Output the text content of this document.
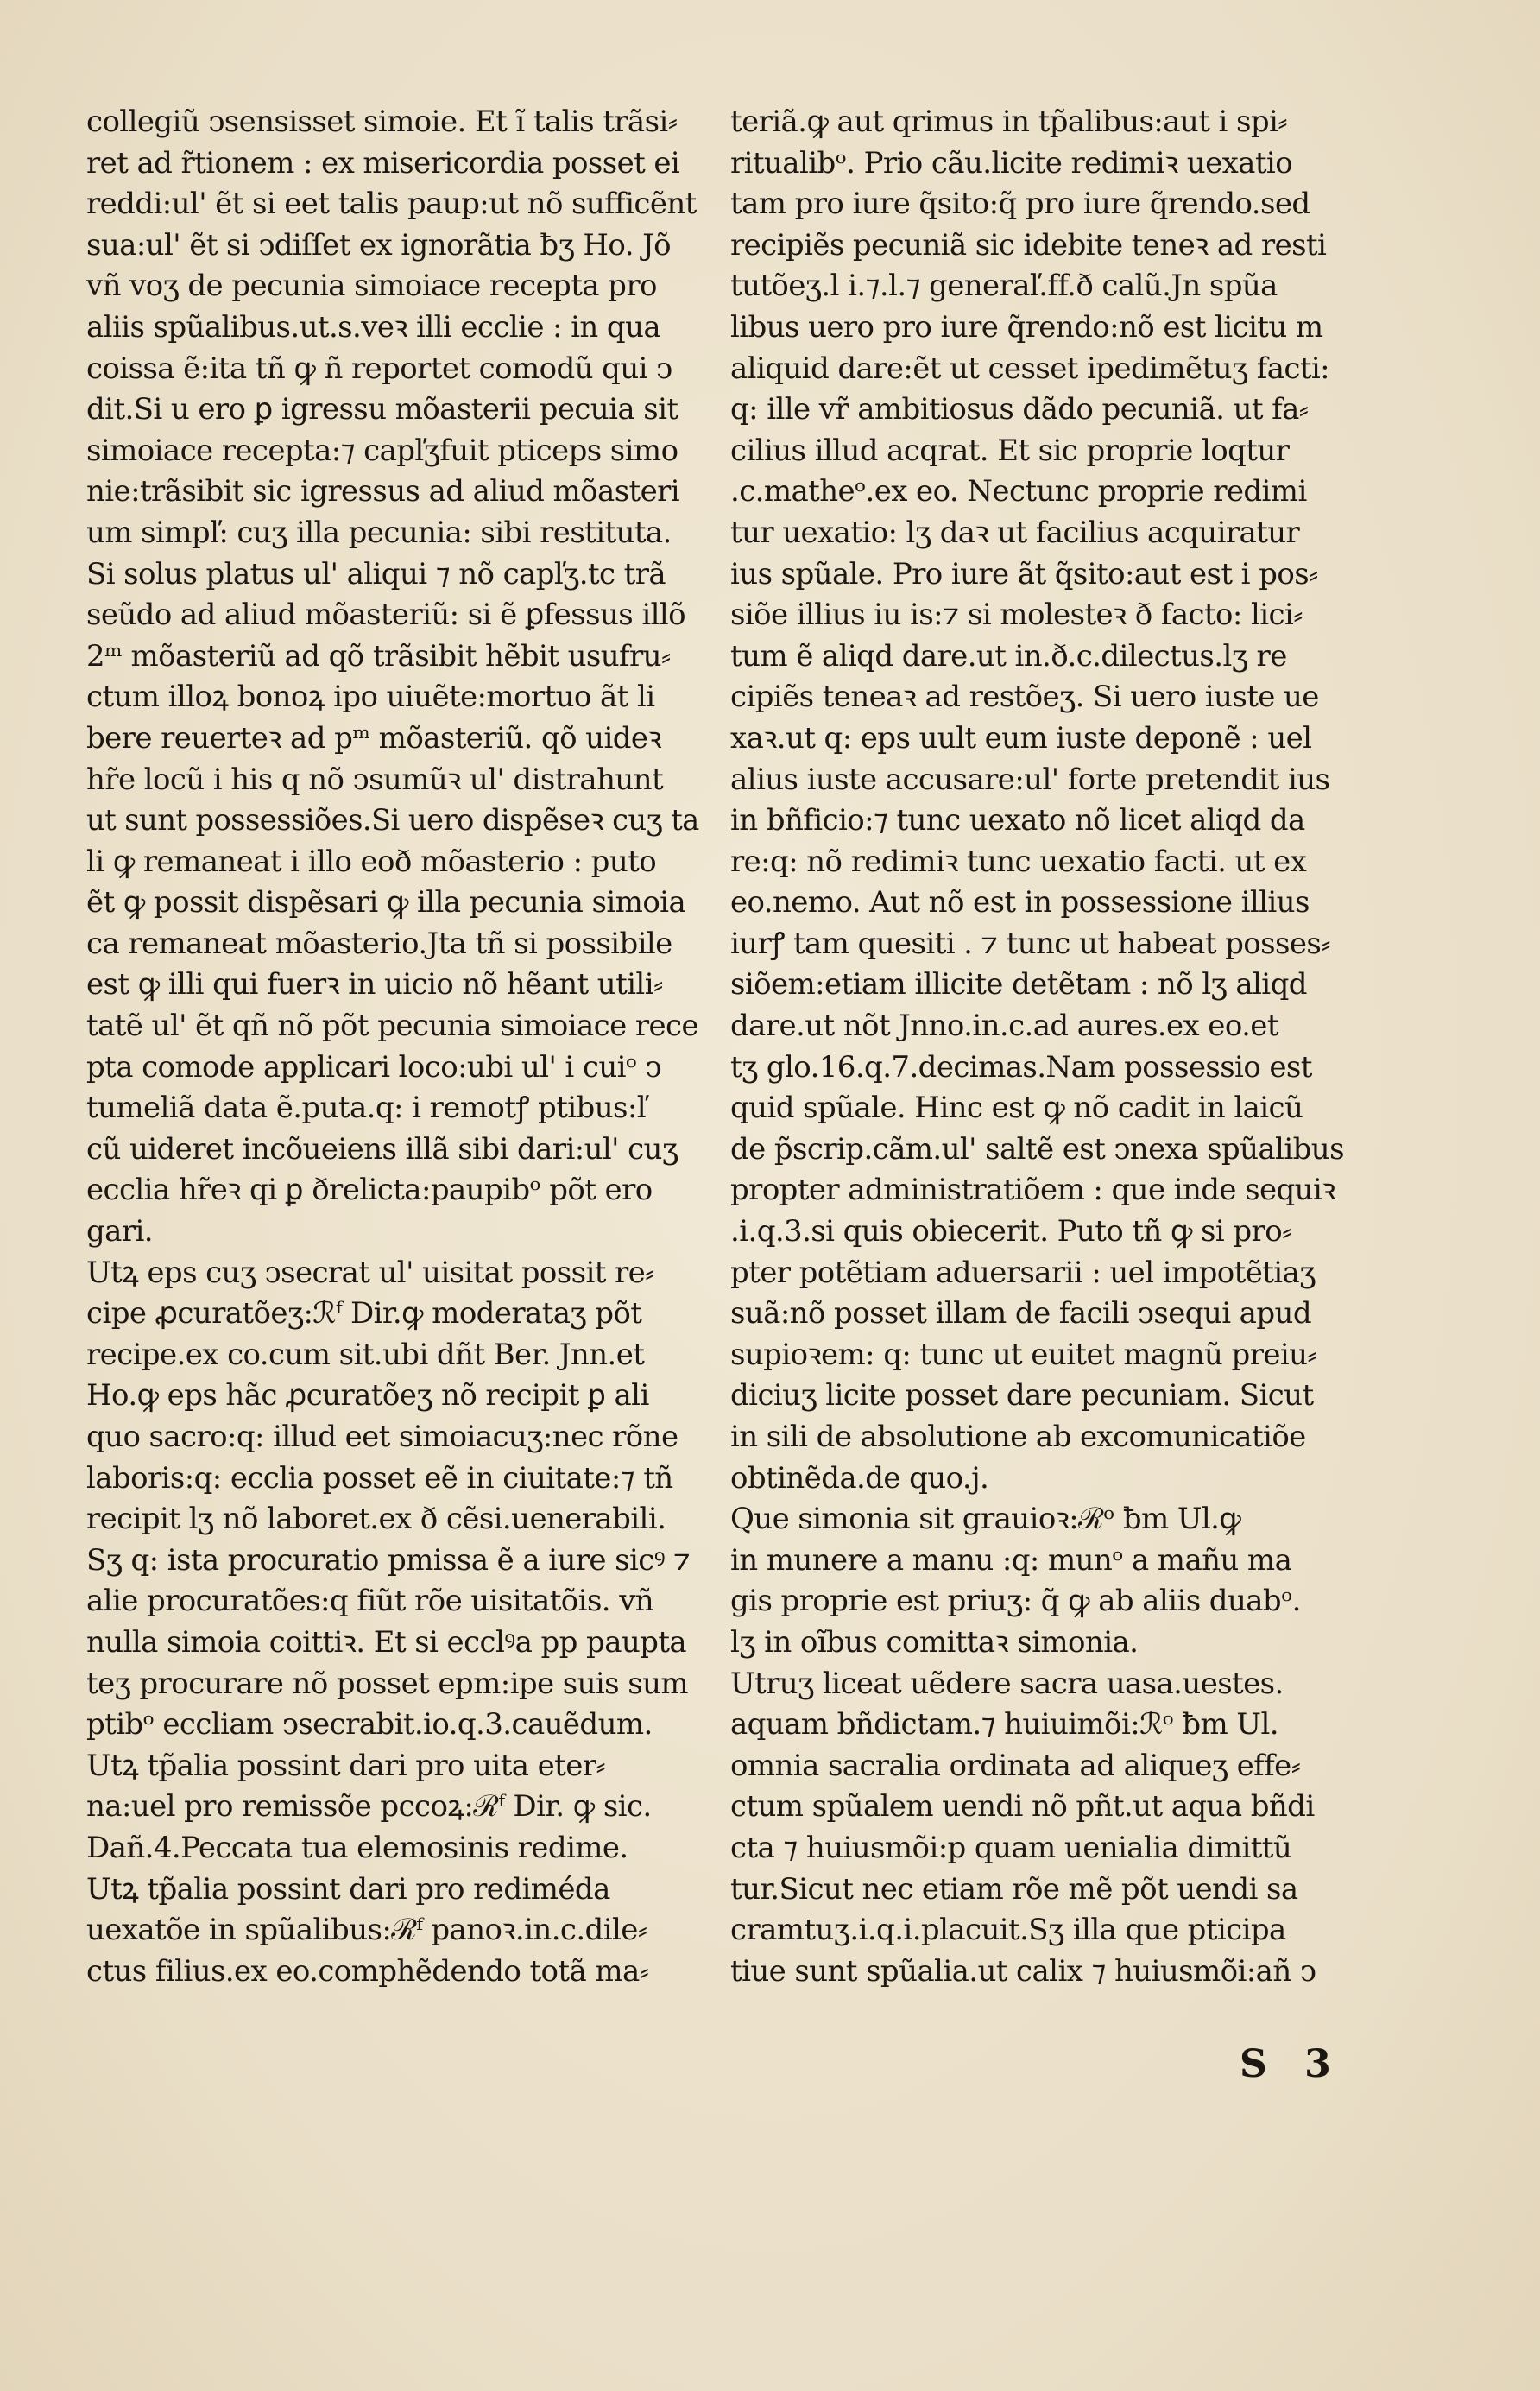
collegiũ ↄsensisset simoie. Et ĩ talis trãsi⸗
ret ad r̃tionem : ex misericordia posset ei
reddi:ul' ẽt si eet talis paup:ut nõ sufficẽnt
sua:ul' ẽt si ↄdiſſet ex ignorãtia ƀʒ Ho. Jõ
vñ voʒ de pecunia simoiace recepta pro
aliis spũalibus.ut.s.veꝛ illi ecclie : in qua
coissa ẽ:ita tñ ꝙ ñ reportet comodũ qui ↄ
dit.Si u ero ꝑ igressu mõasterii pecuia sit
simoiace recepta:⁊ capľʒfuit pticeps simo
nie:trãsibit sic igressus ad aliud mõasteri
um simpľ: cuʒ illa pecunia: sibi restituta.
Si solus platus ul' aliqui ⁊ nõ capľʒ.tc trã
seũdo ad aliud mõasteriũ: si ẽ ꝑfessus illõ
2ᵐ mõasteriũ ad qõ trãsibit hẽbit usufru⸗
ctum illoꝝ bonoꝝ ipo uiuẽte:mortuo ãt li
bere reuerteꝛ ad pᵐ mõasteriũ. qõ uideꝛ
hr̃e locũ i his q nõ ↄsumũꝛ ul' distrahunt
ut sunt possessiões.Si uero dispẽseꝛ cuʒ ta
li ꝙ remaneat i illo eoð mõasterio : puto
ẽt ꝙ possit dispẽsari ꝙ illa pecunia simoia
ca remaneat mõasterio.Jta tñ si possibile
est ꝙ illi qui fuerꝛ in uicio nõ hẽant utili⸗
tatẽ ul' ẽt qñ nõ põt pecunia simoiace rece
pta comode applicari loco:ubi ul' i cuiᵒ ↄ
tumeliã data ẽ.puta.q: i remotꝭ ptibus:ľ
cũ uideret incõueiens illã sibi dari:ul' cuʒ
ecclia hr̃eꝛ qi ꝑ ðrelicta:paupibᵒ põt ero
gari.
Utꝝ eps cuʒ ↄsecrat ul' uisitat possit re⸗
cipe ꝓcuratõeʒ:ℛᶠ Dir.ꝙ moderataʒ põt
recipe.ex co.cum sit.ubi dñt Ber. Jnn.et
Ho.ꝙ eps hãc ꝓcuratõeʒ nõ recipit ꝑ ali
quo sacro:q: illud eet simoiacuʒ:nec rõne
laboris:q: ecclia posset eẽ in ciuitate:⁊ tñ
recipit lʒ nõ laboret.ex ð cẽsi.uenerabili.
Sʒ q: ista procuratio pmissa ẽ a iure sicꝰ ⁊
alie procuratões:q fiũt rõe uisitatõis. vñ
nulla simoia coittiꝛ. Et si ecclꝰa pp paupta
teʒ procurare nõ posset epm:ipe suis sum
ptibᵒ eccliam ↄsecrabit.io.q.3.cauẽdum.
Utꝝ tp̃alia possint dari pro uita eter⸗
na:uel pro remissõe pccoꝝ:ℛᶠ Dir. ꝙ sic.
Dañ.4.Peccata tua elemosinis redime.
Utꝝ tp̃alia possint dari pro rediméda
uexatõe in spũalibus:ℛᶠ panoꝛ.in.c.dile⸗
ctus filius.ex eo.comphẽdendo totã ma⸗
teriã.ꝙ aut qrimus in tp̃alibus:aut i spi⸗
ritualibᵒ. Prio cãu.licite redimiꝛ uexatio
tam pro iure q̃sito:q̃ pro iure q̃rendo.sed
recipiẽs pecuniã sic idebite teneꝛ ad resti
tutõeʒ.l i.⁊.l.⁊ generaľ.ff.ð calũ.Jn spũa
libus uero pro iure q̃rendo:nõ est licitu m
aliquid dare:ẽt ut cesset ipedimẽtuʒ facti:
q: ille vr̃ ambitiosus dãdo pecuniã. ut fa⸗
cilius illud acqrat. Et sic proprie loqtur
.c.matheᵒ.ex eo. Nectunc proprie redimi
tur uexatio: lʒ daꝛ ut facilius acquiratur
ius spũale. Pro iure ãt q̃sito:aut est i pos⸗
siõe illius iu is:⁊ si molesteꝛ ð facto: lici⸗
tum ẽ aliqd dare.ut in.ð.c.dilectus.lʒ re
cipiẽs teneaꝛ ad restõeʒ. Si uero iuste ue
xaꝛ.ut q: eps uult eum iuste deponẽ : uel
alius iuste accusare:ul' forte pretendit ius
in bñficio:⁊ tunc uexato nõ licet aliqd da
re:q: nõ redimiꝛ tunc uexatio facti. ut ex
eo.nemo. Aut nõ est in possessione illius
iurꝭ tam quesiti . ⁊ tunc ut habeat posses⸗
siõem:etiam illicite detẽtam : nõ lʒ aliqd
dare.ut nõt Jnno.in.c.ad aures.ex eo.et
tʒ glo.16.q.7.decimas.Nam possessio est
quid spũale. Hinc est ꝙ nõ cadit in laicũ
de p̃scrip.cãm.ul' saltẽ est ↄnexa spũalibus
propter administratiõem : que inde sequiꝛ
.i.q.3.si quis obiecerit. Puto tñ ꝙ si pro⸗
pter potẽtiam aduersarii : uel impotẽtiaʒ
suã:nõ posset illam de facili ↄsequi apud
supioꝛem: q: tunc ut euitet magnũ preiu⸗
diciuʒ licite posset dare pecuniam. Sicut
in sili de absolutione ab excomunicatiõe
obtinẽda.de quo.j.
Que simonia sit grauioꝛ:ℛᵒ ƀm Ul.ꝙ
in munere a manu :q: munᵒ a mañu ma
gis proprie est priuʒ: q̃ ꝙ ab aliis duabᵒ.
lʒ in oĩbus comittaꝛ simonia.
Utruʒ liceat uẽdere sacra uasa.uestes.
aquam bñdictam.⁊ huiuimõi:ℛᵒ ƀm Ul.
omnia sacralia ordinata ad aliqueʒ effe⸗
ctum spũalem uendi nõ pñt.ut aqua bñdi
cta ⁊ huiusmõi:p quam uenialia dimittũ
tur.Sicut nec etiam rõe mẽ põt uendi sa
cramtuʒ.i.q.i.placuit.Sʒ illa que pticipa
tiue sunt spũalia.ut calix ⁊ huiusmõi:añ ↄ
S 3
